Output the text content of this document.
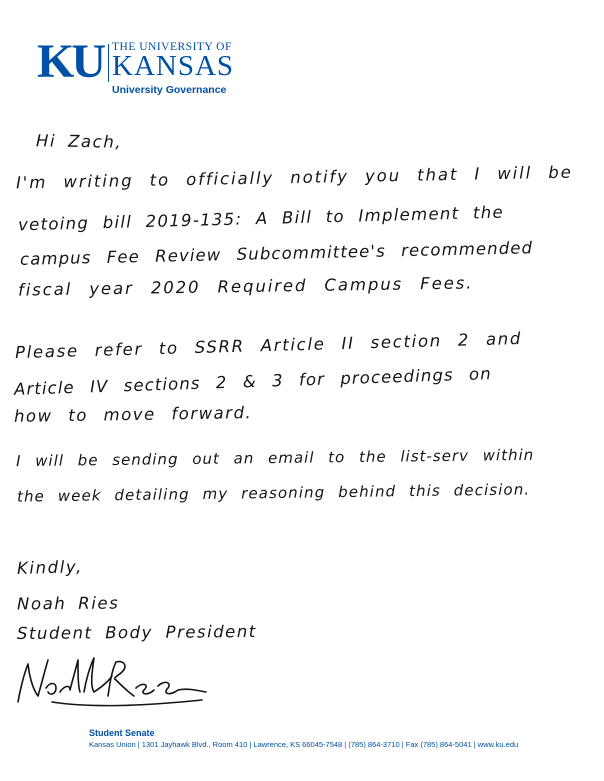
KU THE UNIVERSITY OF
KANSAS
University Governance

Hi Zach,

I'm writing to officially notify you that I will be

vetoing bill 2019-135: A Bill to Implement the

campus Fee Review Subcommittee's recommended

fiscal year 2020 Required Campus Fees.

Please refer to SSRR Article II section 2 and

Article IV sections 2 & 3 for proceedings on

how to move forward.

I will be sending out an email to the list-serv within

the week detailing my reasoning behind this decision.

Kindly,

Noah Ries

Student Body President

Student Senate
Kansas Union | 1301 Jayhawk Blvd., Room 410 | Lawrence, KS 66045-7548 | (785) 864-3710 | Fax (785) 864-5041 | www.ku.edu
